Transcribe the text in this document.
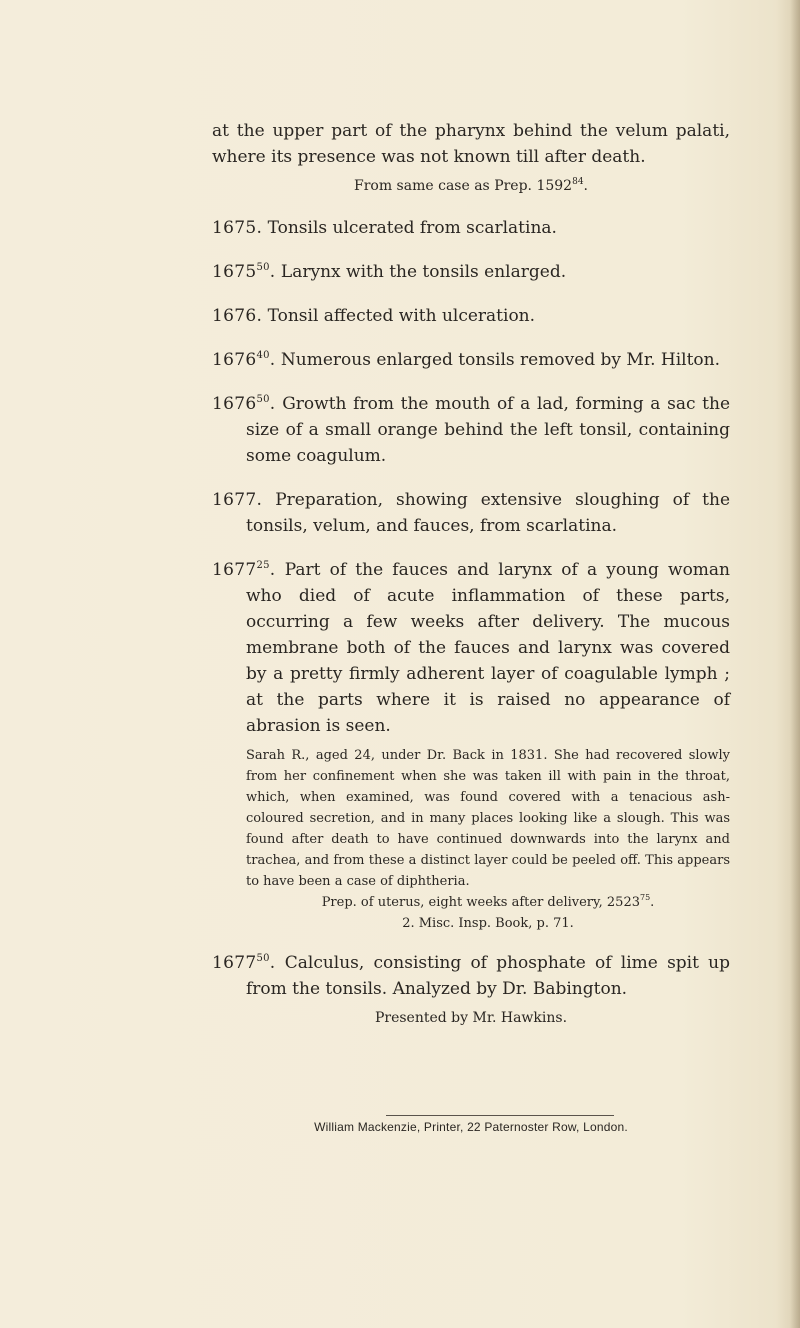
at the upper part of the pharynx behind the velum palati, where its presence was not known till after death.

From same case as Prep. 1592$^{84}$.

1675. Tonsils ulcerated from scarlatina.

1675$^{50}$. Larynx with the tonsils enlarged.

1676. Tonsil affected with ulceration.

1676$^{40}$. Numerous enlarged tonsils removed by Mr. Hilton.

1676$^{50}$. Growth from the mouth of a lad, forming a sac the size of a small orange behind the left tonsil, containing some coagulum.

1677. Preparation, showing extensive sloughing of the tonsils, velum, and fauces, from scarlatina.

1677$^{25}$. Part of the fauces and larynx of a young woman who died of acute inflammation of these parts, occurring a few weeks after delivery. The mucous membrane both of the fauces and larynx was covered by a pretty firmly adherent layer of coagulable lymph ; at the parts where it is raised no appearance of abrasion is seen.

Sarah R., aged 24, under Dr. Back in 1831. She had recovered slowly from her confinement when she was taken ill with pain in the throat, which, when examined, was found covered with a tenacious ash-coloured secretion, and in many places looking like a slough. This was found after death to have continued downwards into the larynx and trachea, and from these a distinct layer could be peeled off. This appears to have been a case of diphtheria.

Prep. of uterus, eight weeks after delivery, 2523$^{75}$.

2. Misc. Insp. Book, p. 71.

1677$^{50}$. Calculus, consisting of phosphate of lime spit up from the tonsils. Analyzed by Dr. Babington.

Presented by Mr. Hawkins.

William Mackenzie, Printer, 22 Paternoster Row, London.
